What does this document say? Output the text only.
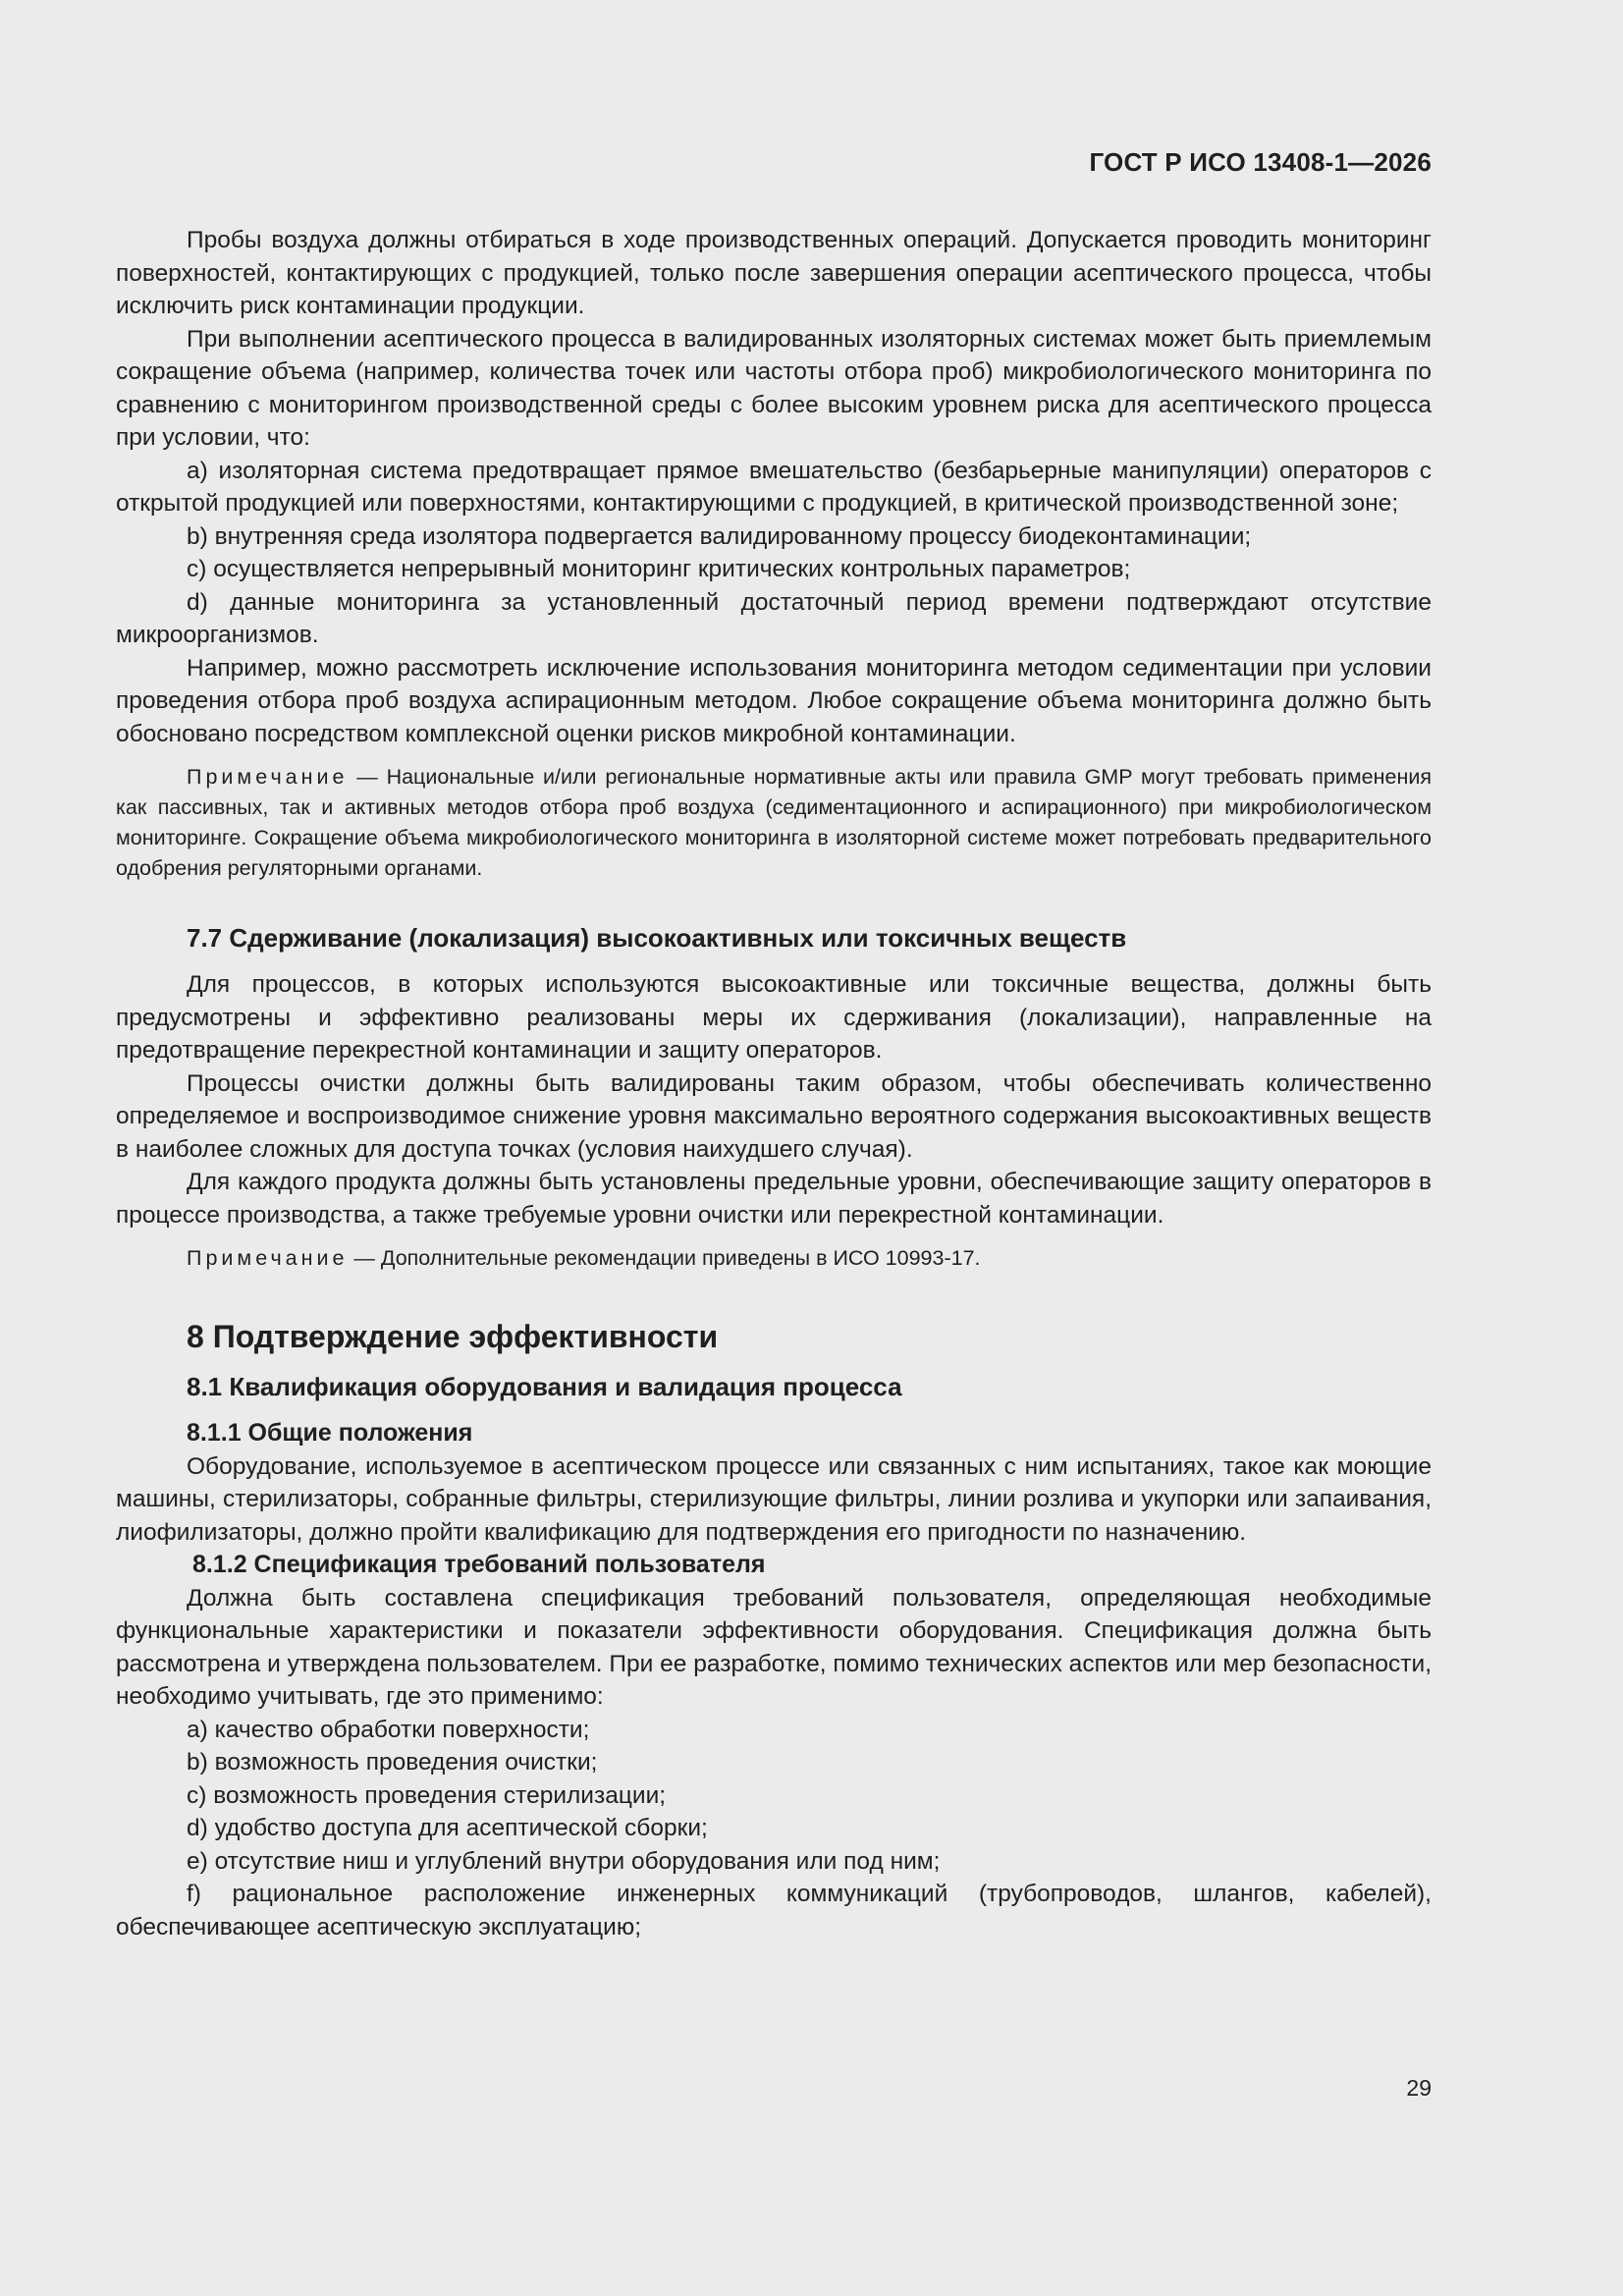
ГОСТ Р ИСО 13408-1—2026

Пробы воздуха должны отбираться в ходе производственных операций. Допускается проводить мониторинг поверхностей, контактирующих с продукцией, только после завершения операции асептического процесса, чтобы исключить риск контаминации продукции.

При выполнении асептического процесса в валидированных изоляторных системах может быть приемлемым сокращение объема (например, количества точек или частоты отбора проб) микробиологического мониторинга по сравнению с мониторингом производственной среды с более высоким уровнем риска для асептического процесса при условии, что:

a) изоляторная система предотвращает прямое вмешательство (безбарьерные манипуляции) операторов с открытой продукцией или поверхностями, контактирующими с продукцией, в критической производственной зоне;

b) внутренняя среда изолятора подвергается валидированному процессу биодеконтаминации;

c) осуществляется непрерывный мониторинг критических контрольных параметров;

d) данные мониторинга за установленный достаточный период времени подтверждают отсутствие микроорганизмов.

Например, можно рассмотреть исключение использования мониторинга методом седиментации при условии проведения отбора проб воздуха аспирационным методом. Любое сокращение объема мониторинга должно быть обосновано посредством комплексной оценки рисков микробной контаминации.

Примечание — Национальные и/или региональные нормативные акты или правила GMP могут требовать применения как пассивных, так и активных методов отбора проб воздуха (седиментационного и аспирационного) при микробиологическом мониторинге. Сокращение объема микробиологического мониторинга в изоляторной системе может потребовать предварительного одобрения регуляторными органами.

7.7 Сдерживание (локализация) высокоактивных или токсичных веществ

Для процессов, в которых используются высокоактивные или токсичные вещества, должны быть предусмотрены и эффективно реализованы меры их сдерживания (локализации), направленные на предотвращение перекрестной контаминации и защиту операторов.

Процессы очистки должны быть валидированы таким образом, чтобы обеспечивать количественно определяемое и воспроизводимое снижение уровня максимально вероятного содержания высокоактивных веществ в наиболее сложных для доступа точках (условия наихудшего случая).

Для каждого продукта должны быть установлены предельные уровни, обеспечивающие защиту операторов в процессе производства, а также требуемые уровни очистки или перекрестной контаминации.

Примечание — Дополнительные рекомендации приведены в ИСО 10993-17.

8 Подтверждение эффективности
8.1 Квалификация оборудования и валидация процесса
8.1.1 Общие положения

Оборудование, используемое в асептическом процессе или связанных с ним испытаниях, такое как моющие машины, стерилизаторы, собранные фильтры, стерилизующие фильтры, линии розлива и укупорки или запаивания, лиофилизаторы, должно пройти квалификацию для подтверждения его пригодности по назначению.

8.1.2 Спецификация требований пользователя

Должна быть составлена спецификация требований пользователя, определяющая необходимые функциональные характеристики и показатели эффективности оборудования. Спецификация должна быть рассмотрена и утверждена пользователем. При ее разработке, помимо технических аспектов или мер безопасности, необходимо учитывать, где это применимо:

a) качество обработки поверхности;

b) возможность проведения очистки;

c) возможность проведения стерилизации;

d) удобство доступа для асептической сборки;

e) отсутствие ниш и углублений внутри оборудования или под ним;

f) рациональное расположение инженерных коммуникаций (трубопроводов, шлангов, кабелей), обеспечивающее асептическую эксплуатацию;

29
